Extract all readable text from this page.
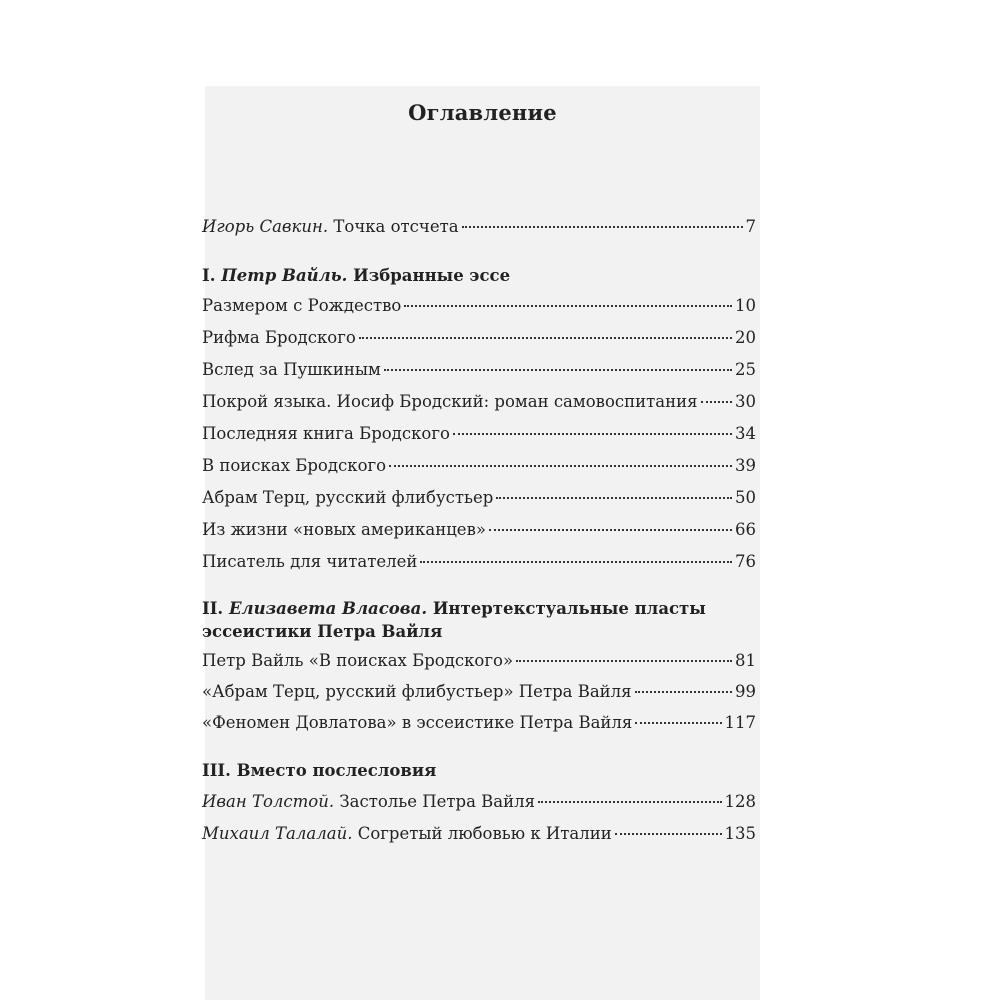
Оглавление
Игорь Савкин. Точка отсчета	7
I. Петр Вайль. Избранные эссе
Размером с Рождество	10
Рифма Бродского	20
Вслед за Пушкиным	25
Покрой языка. Иосиф Бродский: роман самовоспитания 30
Последняя книга Бродского	34
В поисках Бродского	39
Абрам Терц, русский флибустьер	50
Из жизни «новых американцев»	66
Писатель для читателей	76
II. Елизавета Власова. Интертекстуальные пласты
эссеистики Петра Вайля
Петр Вайль «В поисках Бродского»	81
«Абрам Терц, русский флибустьер» Петра Вайля	99
«Феномен Довлатова» в эссеистике Петра Вайля	117
III. Вместо послесловия
Иван Толстой. Застолье Петра Вайля	128
Михаил Талалай. Согретый любовью к Италии	135
